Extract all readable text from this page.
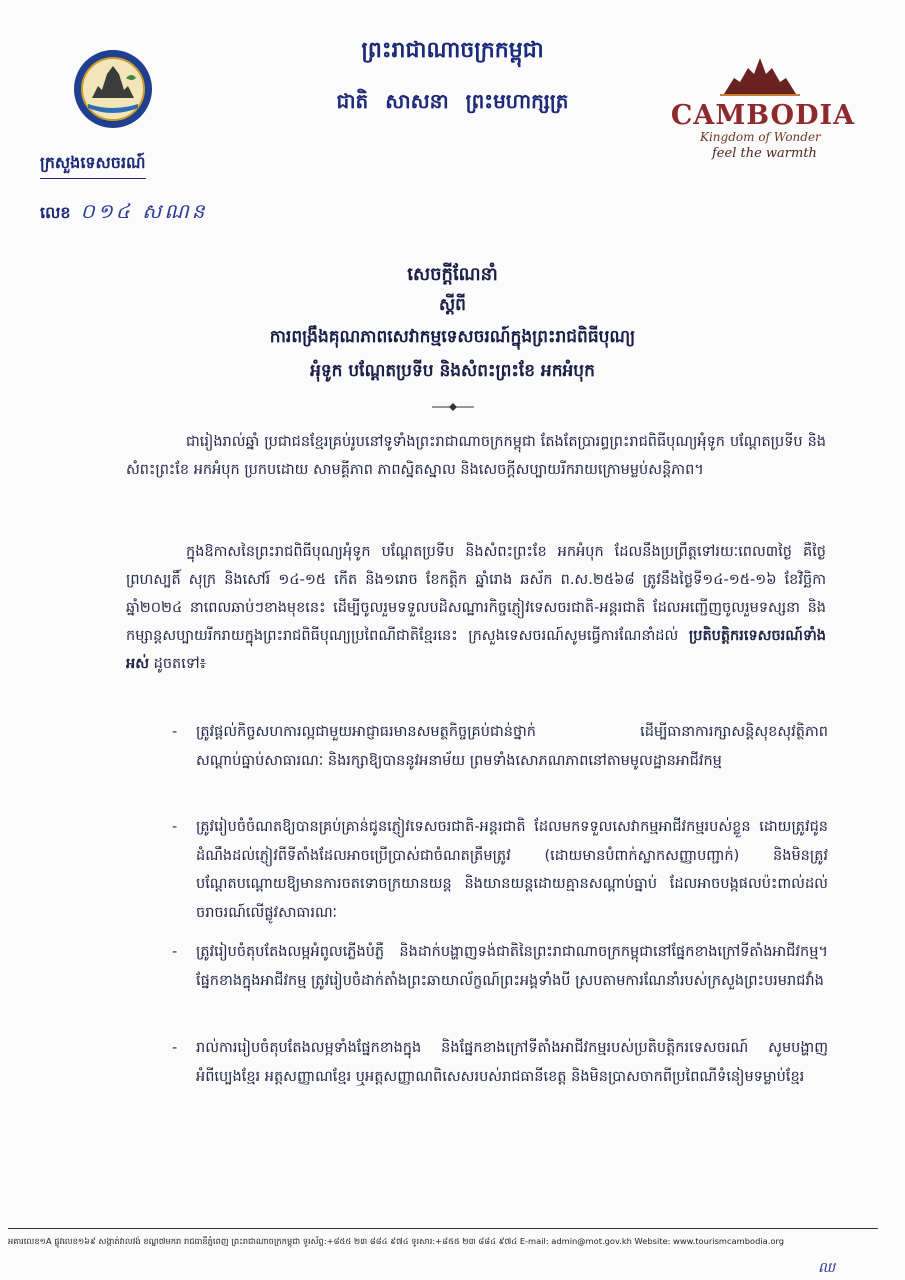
ព្រះរាជាណាចក្រកម្ពុជា
ជាតិ សាសនា ព្រះមហាក្សត្រ
ក្រសួងទេសចរណ៍
លេខ ០១៤ សណន
CAMBODIA
Kingdom of Wonder
feel the warmth
សេចក្តីណែនាំ
ស្តីពី
ការពង្រឹងគុណភាពសេវាកម្មទេសចរណ៍ក្នុងព្រះរាជពិធីបុណ្យ
អុំទូក បណ្តែតប្រទីប និងសំពះព្រះខែ អកអំបុក
ជារៀងរាល់ឆ្នាំ ប្រជាជនខ្មែរគ្រប់រូបនៅទូទាំងព្រះរាជាណាចក្រកម្ពុជា តែងតែប្រារព្ធព្រះរាជពិធីបុណ្យអុំទូក បណ្តែតប្រទីប និងសំពះព្រះខែ អកអំបុក ប្រកបដោយ សាមគ្គីភាព ភាពស្និតស្នាល និងសេចក្តីសប្បាយរីករាយក្រោមម្លប់សន្តិភាព។
ក្នុងឱកាសនៃព្រះរាជពិធីបុណ្យអុំទូក បណ្តែតប្រទីប និងសំពះព្រះខែ អកអំបុក ដែលនឹងប្រព្រឹត្តទៅរយៈពេល៣ថ្ងៃ គឺថ្ងៃព្រហស្បតិ៍ សុក្រ និងសៅរ៍ ១៤-១៥ កើត និង១រោច ខែកត្តិក ឆ្នាំរោង ឆស័ក ព.ស.២៥៦៨ ត្រូវនឹងថ្ងៃទី១៤-១៥-១៦ ខែវិច្ឆិកា ឆ្នាំ២០២៤ នាពេលឆាប់ៗខាងមុខនេះ ដើម្បីចូលរួមទទួលបដិសណ្ឋារកិច្ចភ្ញៀវទេសចរជាតិ-អន្តរជាតិ ដែលអញ្ជើញចូលរួមទស្សនា និងកម្សាន្តសប្បាយរីករាយក្នុងព្រះរាជពិធីបុណ្យប្រពៃណីជាតិខ្មែរនេះ ក្រសួងទេសចរណ៍សូមធ្វើការណែនាំដល់ ប្រតិបត្តិករទេសចរណ៍ទាំងអស់ ដូចតទៅ៖
- ត្រូវផ្តល់កិច្ចសហការល្អជាមួយអាជ្ញាធរមានសមត្ថកិច្ចគ្រប់ជាន់ថ្នាក់ ដើម្បីធានាការក្សាសន្តិសុខសុវត្ថិភាព សណ្តាប់ធ្នាប់សាធារណៈ និងរក្សាឱ្យបាននូវអនាម័យ ព្រមទាំងសោភណភាពនៅតាមមូលដ្ឋានអាជីវកម្ម
- ត្រូវរៀបចំចំណតឱ្យបានគ្រប់គ្រាន់ជូនភ្ញៀវទេសចរជាតិ-អន្តរជាតិ ដែលមកទទួលសេវាកម្មអាជីវកម្មរបស់ខ្លួន ដោយត្រូវជូនដំណឹងដល់ភ្ញៀវពីទីតាំងដែលអាចប្រើប្រាស់ជាចំណតត្រឹមត្រូវ (ដោយមានបំពាក់ស្លាកសញ្ញាបញ្ជាក់) និងមិនត្រូវបណ្តែតបណ្តោយឱ្យមានការចតទោចក្រយានយន្ត និងយានយន្តដោយគ្មានសណ្តាប់ធ្នាប់ ដែលអាចបង្កផលប៉ះពាល់ដល់ចរាចរណ៍លើផ្លូវសាធារណៈ
- ត្រូវរៀបចំតុបតែងលម្អអំពូលភ្លើងបំភ្លឺ និងដាក់បង្ហាញទង់ជាតិនៃព្រះរាជាណាចក្រកម្ពុជានៅផ្នែកខាងក្រៅទីតាំងអាជីវកម្ម។ ផ្នែកខាងក្នុងអាជីវកម្ម ត្រូវរៀបចំដាក់តាំងព្រះឆាយាល័ក្ខណ៍ព្រះអង្គទាំងបី ស្របតាមការណែនាំរបស់ក្រសួងព្រះបរមរាជវាំង
- រាល់ការរៀបចំតុបតែងលម្អទាំងផ្នែកខាងក្នុង និងផ្នែកខាងក្រៅទីតាំងអាជីវកម្មរបស់ប្រតិបត្តិករទេសចរណ៍ សូមបង្ហាញអំពីប្បេងខ្មែរ អត្តសញ្ញាណខ្មែរ ឬអត្តសញ្ញាណពិសេសរបស់រាជធានីខេត្ត និងមិនប្រាសចាកពីប្រពៃណីទំនៀមទម្លាប់ខ្មែរ
អគារលេខ១A ផ្លូវលេខ១៦៩ សង្កាត់វាលវង់ ខណ្ឌ៧មករា រាជធានីភ្នំពេញ ព្រះរាជាណាចក្រកម្ពុជា ទូរស័ព្ទ:+៨៥៥ ២៣ ៨៨៤ ៩៧៤ ទូរសារ:+៨៥៥ ២៣ ៨៨៤ ៩៧៤ E-mail: admin@mot.gov.kh Website: www.tourismcambodia.org
ឈ
